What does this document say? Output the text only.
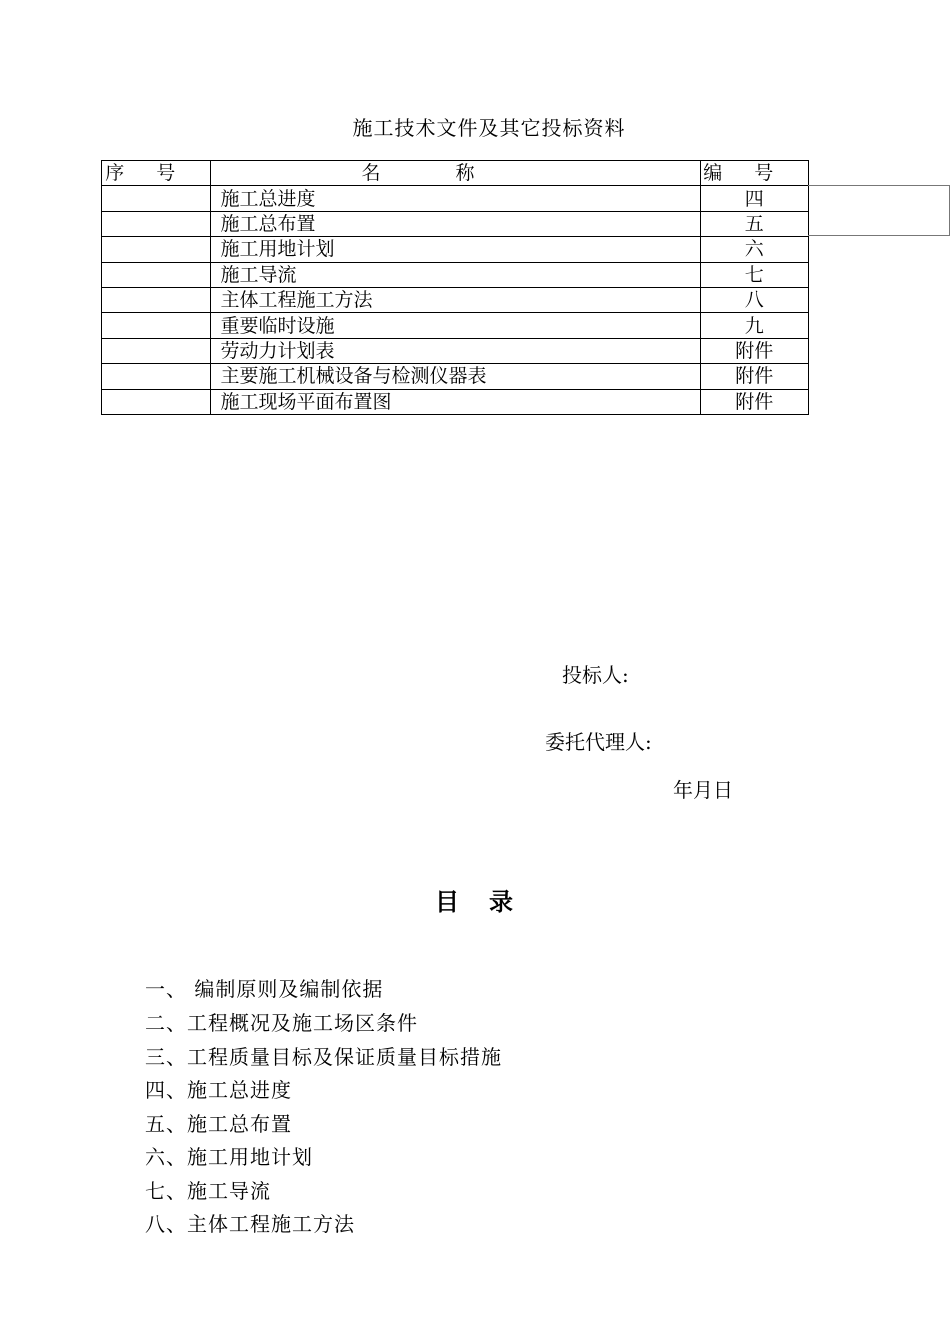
施工技术文件及其它投标资料
序号	名称	编号
	施工总进度	四
	施工总布置	五
	施工用地计划	六
	施工导流	七
	主体工程施工方法	八
	重要临时设施	九
	劳动力计划表	附件
	主要施工机械设备与检测仪器表	附件
	施工现场平面布置图	附件
投标人:
委托代理人:
年月日
目录
一、 编制原则及编制依据
二、工程概况及施工场区条件
三、工程质量目标及保证质量目标措施
四、施工总进度
五、施工总布置
六、施工用地计划
七、施工导流
八、主体工程施工方法
